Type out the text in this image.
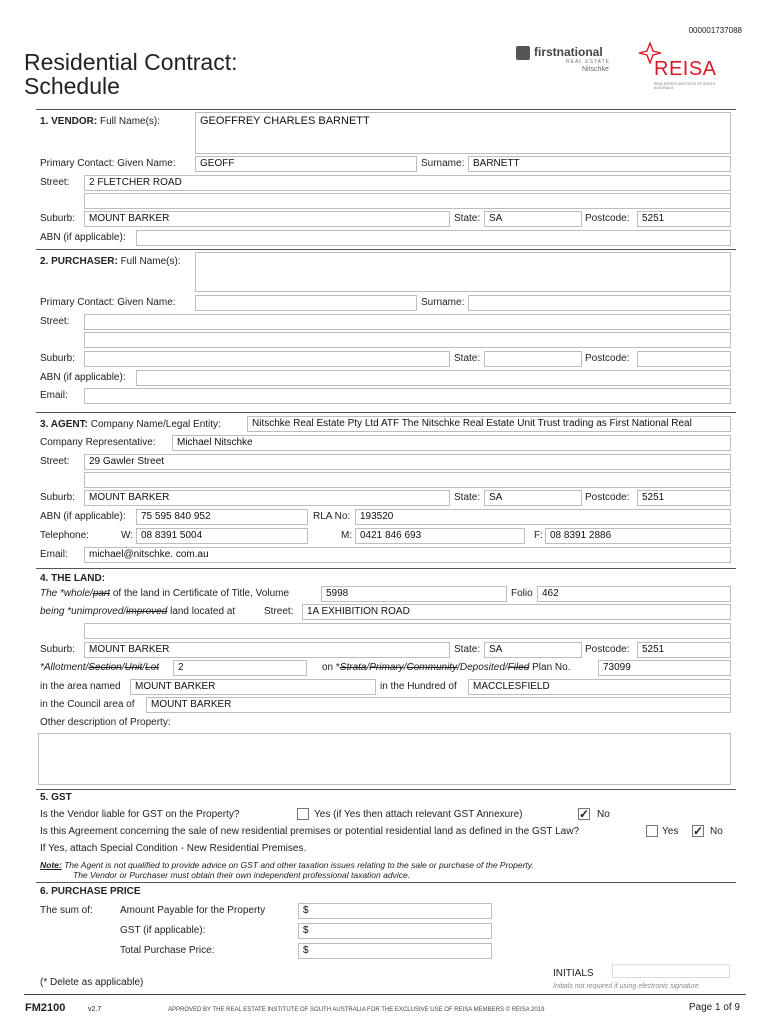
000001737088
Residential Contract:
Schedule
firstnational
REAL ESTATE
Nitschke REISA
REAL ESTATE INSTITUTE OF SOUTH AUSTRALIA
1. VENDOR: Full Name(s):	GEOFFREY CHARLES BARNETT
Primary Contact: Given Name:	GEOFF	Surname: BARNETT
Street:	2 FLETCHER ROAD
Suburb:	MOUNT BARKER	State: SA	Postcode:	5251
ABN (if applicable):
2. PURCHASER: Full Name(s):
Primary Contact: Given Name:	Surname:
Street:
Suburb:	State:	Postcode:
ABN (if applicable):
Email:
3. AGENT: Company Name/Legal Entity:	Nitschke Real Estate Pty Ltd ATF The Nitschke Real Estate Unit Trust trading as First National Real
Company Representative:	Michael Nitschke
Street:	29 Gawler Street
Suburb:	MOUNT BARKER	State: SA	Postcode:	5251
ABN (if applicable):	75 595 840 952	RLA No: 193520
Telephone:	W: 08 8391 5004	M: 0421 846 693	F: 08 8391 2886
Email:	michael@nitschke. com.au
4. THE LAND:
The *whole/part of the land in Certificate of Title, Volume	5998	Folio 462
being *unimproved/improved land located at	Street:	1A EXHIBITION ROAD
Suburb:	MOUNT BARKER	State: SA	Postcode:	5251
*Allotment/Section/Unit/Lot	2	on *Strata/Primary/Community/Deposited/Filed Plan No.	73099
in the area named	MOUNT BARKER	in the Hundred of	MACCLESFIELD
in the Council area of	MOUNT BARKER
Other description of Property:
5. GST
Is the Vendor liable for GST on the Property?	Yes (if Yes then attach relevant GST Annexure)	✓ No
Is this Agreement concerning the sale of new residential premises or potential residential land as defined in the GST Law?	Yes ✓ No
If Yes, attach Special Condition - New Residential Premises.
Note: The Agent is not qualified to provide advice on GST and other taxation issues relating to the sale or purchase of the Property.
The Vendor or Purchaser must obtain their own independent professional taxation advice.
6. PURCHASE PRICE
The sum of:	Amount Payable for the Property	$
GST (if applicable):	$
Total Purchase Price:	$
(* Delete as applicable)
INITIALS
Initials not required if using electronic signature
FM2100	v2.7	APPROVED BY THE REAL ESTATE INSTITUTE OF SOUTH AUSTRALIA FOR THE EXCLUSIVE USE OF REISA MEMBERS © REISA 2019	Page 1 of 9
